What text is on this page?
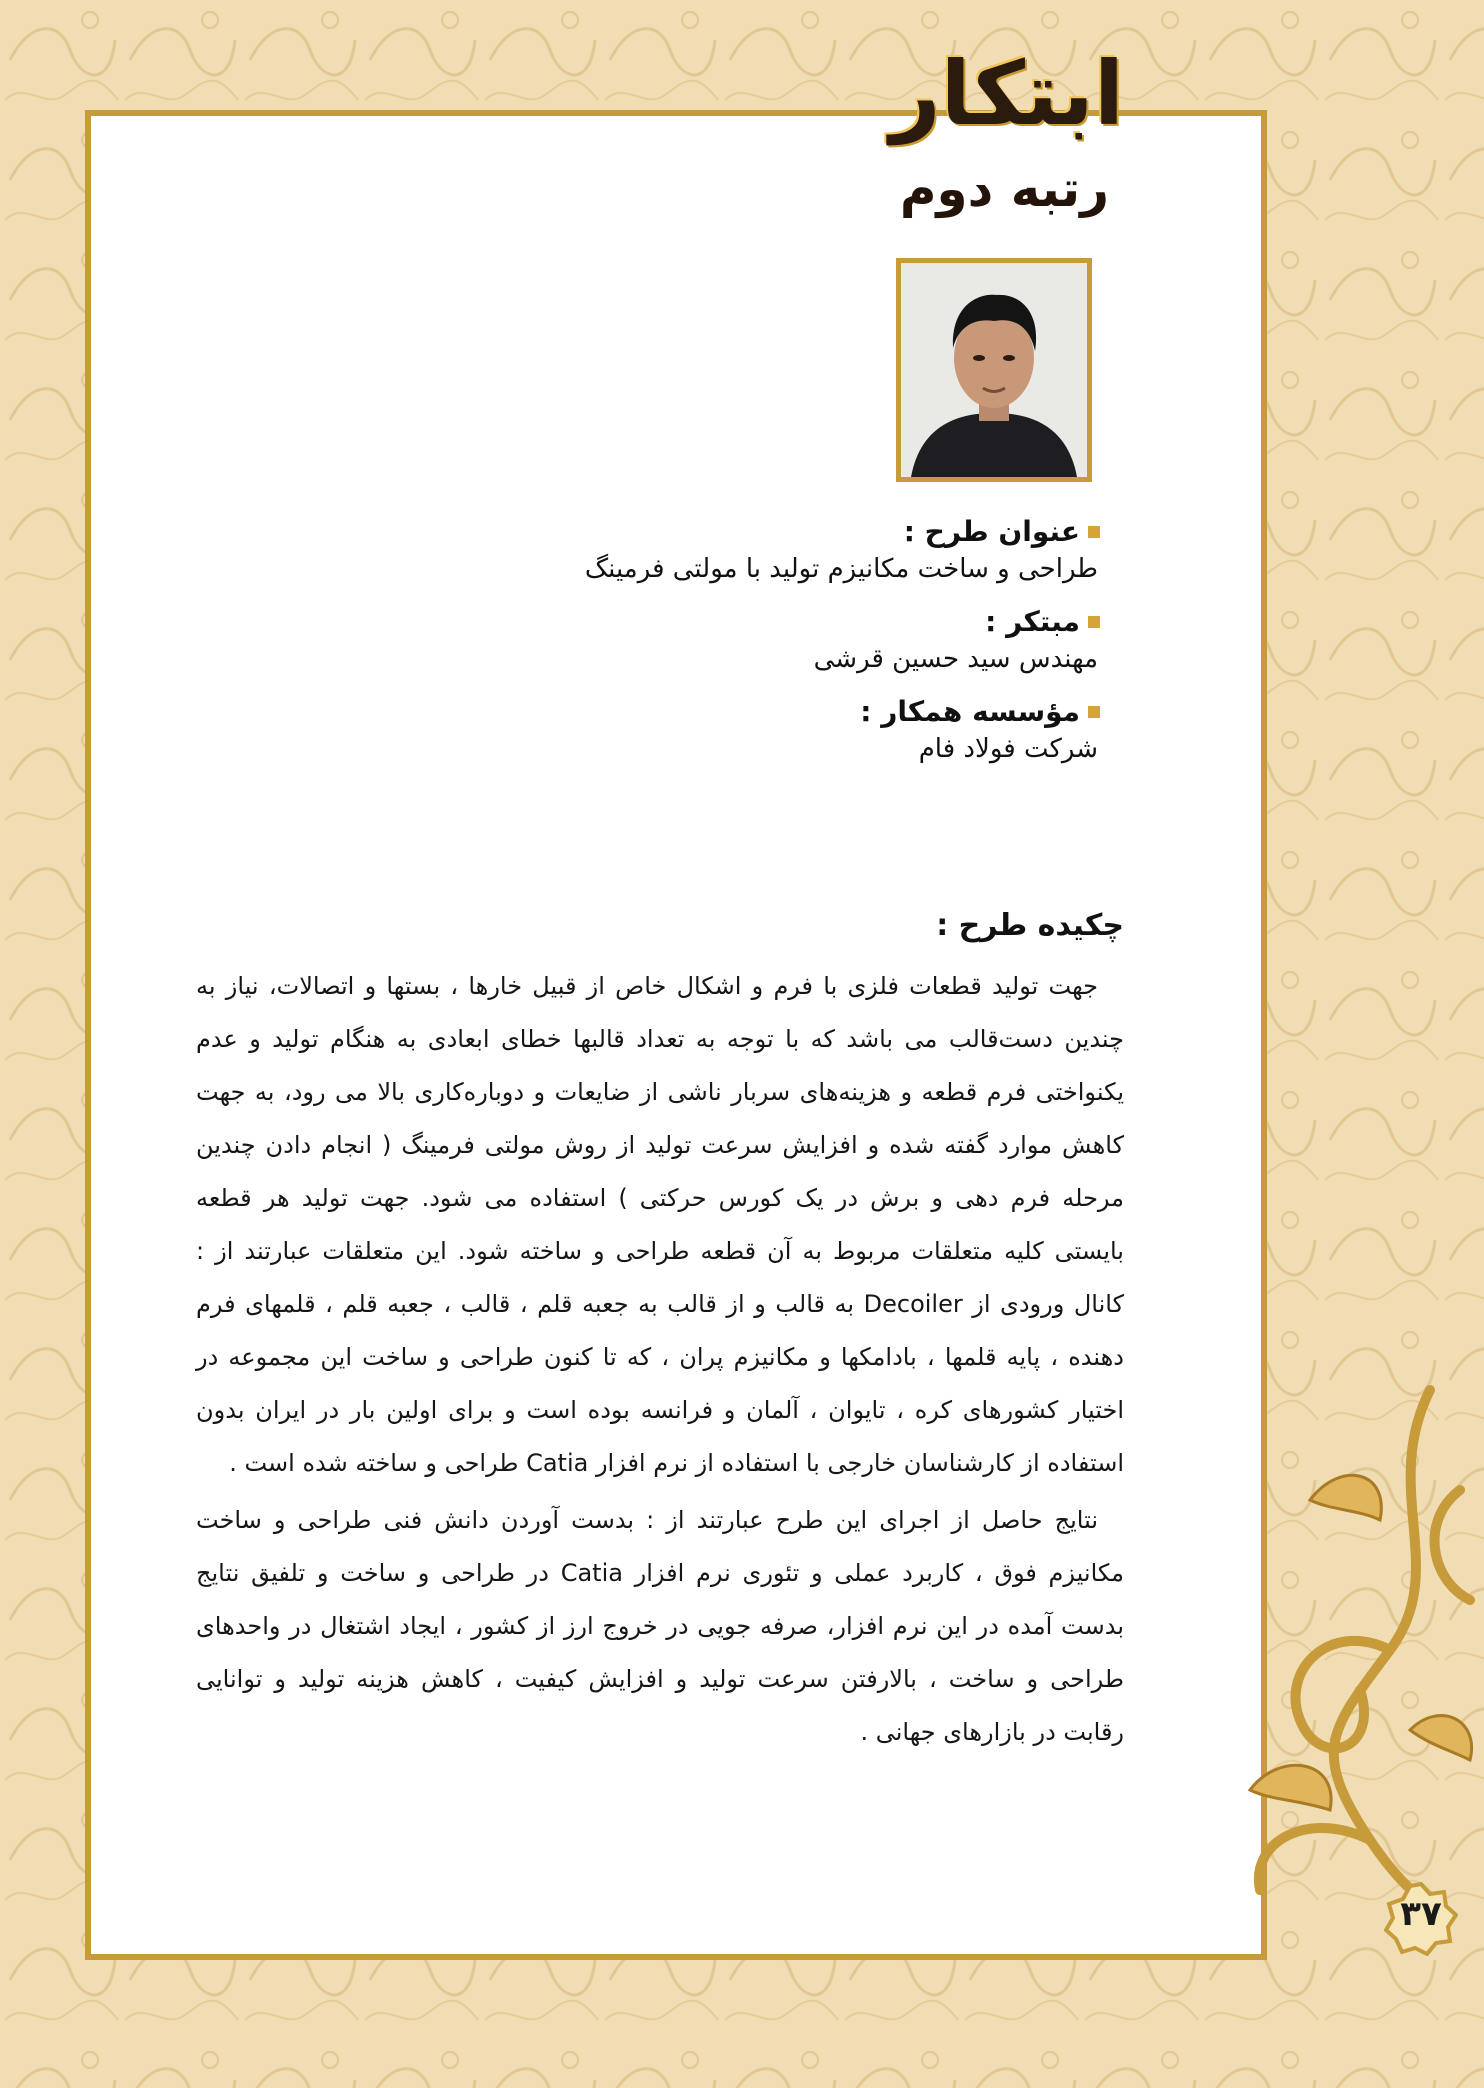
ابتکار
رتبه دوم
عنوان طرح :
طراحی و ساخت مکانیزم تولید با مولتی فرمینگ
مبتکر :
مهندس سید حسین قرشی
مؤسسه همکار :
شرکت فولاد فام
چکیده طرح :

جهت تولید قطعات فلزی با فرم و اشکال خاص از قبیل خارها ، بستها و اتصالات، نیاز به چندین دست‌قالب می باشد که با توجه به تعداد قالبها خطای ابعادی به هنگام تولید و عدم یکنواختی فرم قطعه و هزینه‌های سربار ناشی از ضایعات و دوباره‌کاری بالا می رود، به جهت کاهش موارد گفته شده و افزایش سرعت تولید از روش مولتی فرمینگ ( انجام دادن چندین مرحله فرم دهی و برش در یک کورس حرکتی ) استفاده می شود. جهت تولید هر قطعه بایستی کلیه متعلقات مربوط به آن قطعه طراحی و ساخته شود. این متعلقات عبارتند از : کانال ورودی از Decoiler به قالب و از قالب به جعبه قلم ، قالب ، جعبه قلم ، قلمهای فرم دهنده ، پایه قلمها ، بادامکها و مکانیزم پران ، که تا کنون طراحی و ساخت این مجموعه در اختیار کشورهای کره ، تایوان ، آلمان و فرانسه بوده است و برای اولین بار در ایران بدون استفاده از کارشناسان خارجی با استفاده از نرم افزار Catia طراحی و ساخته شده است .

نتایج حاصل از اجرای این طرح عبارتند از : بدست آوردن دانش فنی طراحی و ساخت مکانیزم فوق ، کاربرد عملی و تئوری نرم افزار Catia در طراحی و ساخت و تلفیق نتایج بدست آمده در این نرم افزار، صرفه جویی در خروج ارز از کشور ، ایجاد اشتغال در واحدهای طراحی و ساخت ، بالارفتن سرعت تولید و افزایش کیفیت ، کاهش هزینه تولید و توانایی رقابت در بازارهای جهانی .

۳۷
